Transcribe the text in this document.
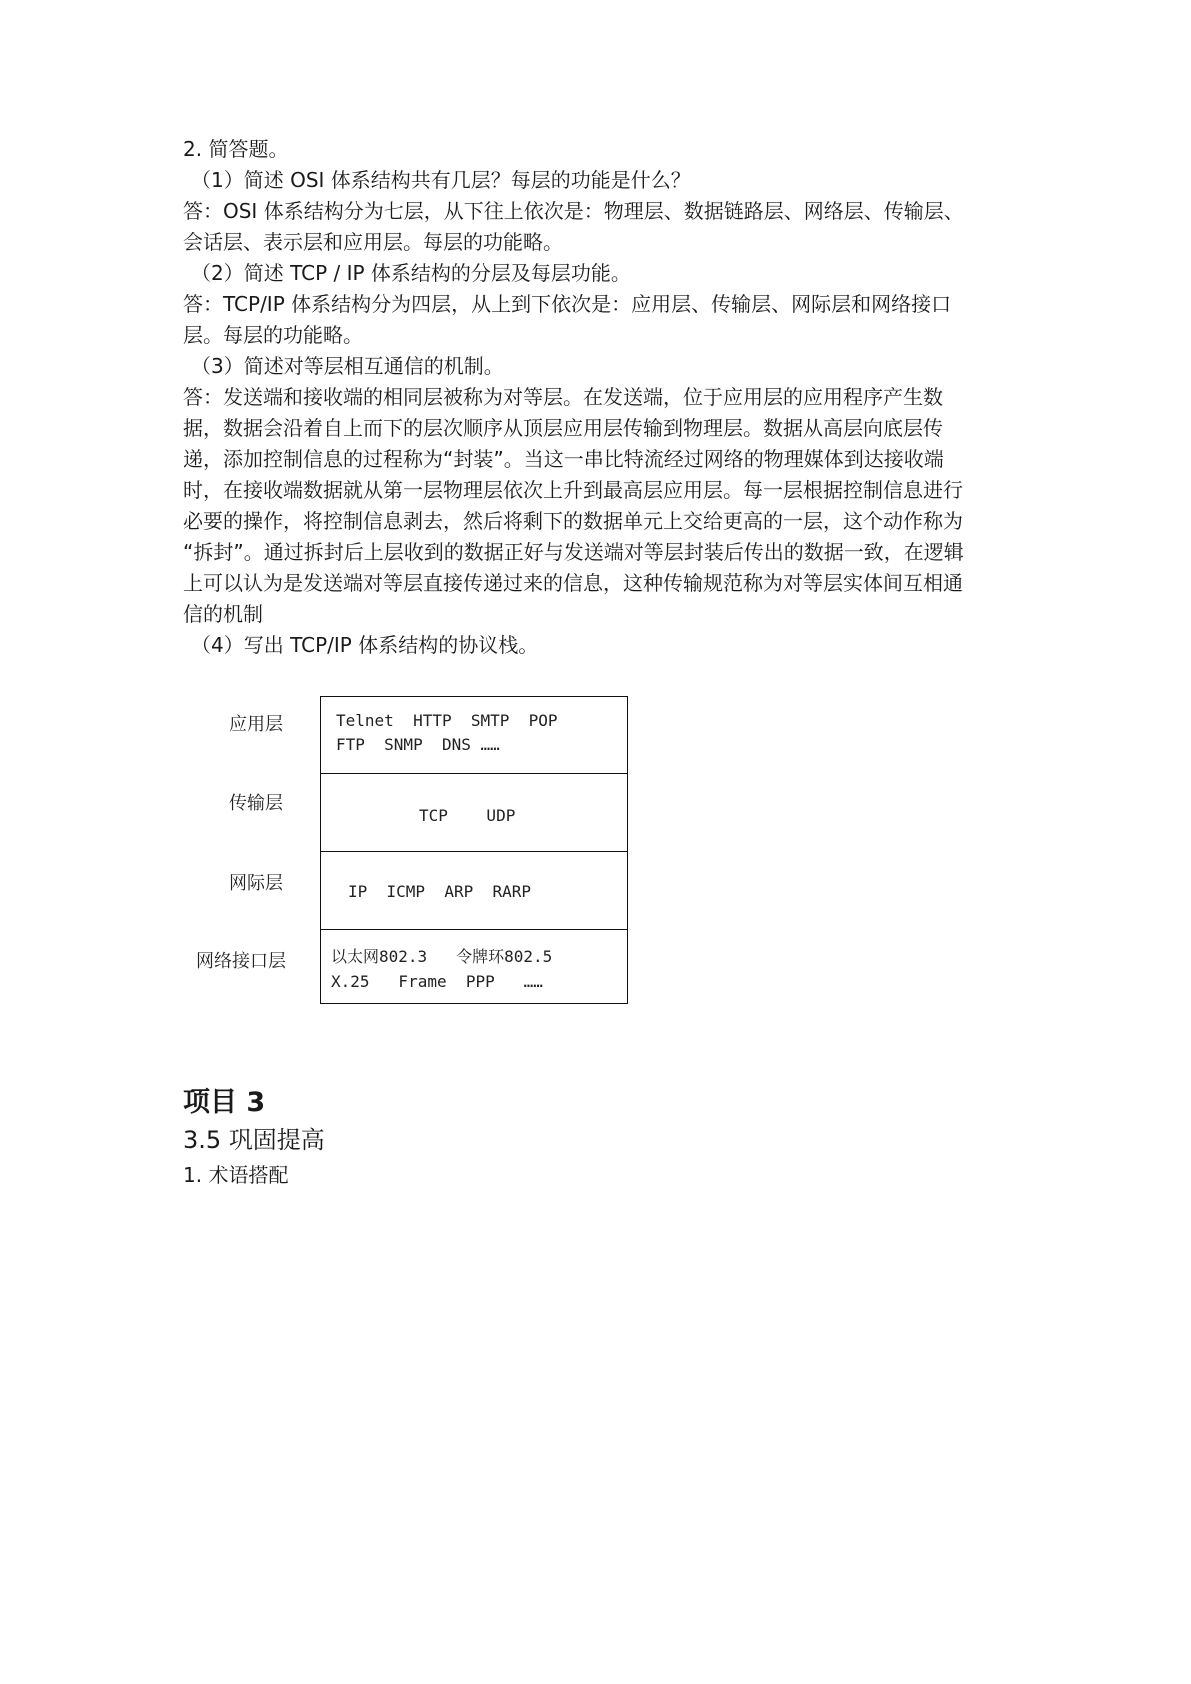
2. 简答题。
（1）简述 OSI 体系结构共有几层？每层的功能是什么？
答：OSI 体系结构分为七层，从下往上依次是：物理层、数据链路层、网络层、传输层、
会话层、表示层和应用层。每层的功能略。
（2）简述 TCP / IP 体系结构的分层及每层功能。
答：TCP/IP 体系结构分为四层，从上到下依次是：应用层、传输层、网际层和网络接口
层。每层的功能略。
（3）简述对等层相互通信的机制。
答：发送端和接收端的相同层被称为对等层。在发送端，位于应用层的应用程序产生数
据，数据会沿着自上而下的层次顺序从顶层应用层传输到物理层。数据从高层向底层传
递，添加控制信息的过程称为“封装”。当这一串比特流经过网络的物理媒体到达接收端
时，在接收端数据就从第一层物理层依次上升到最高层应用层。每一层根据控制信息进行
必要的操作，将控制信息剥去，然后将剩下的数据单元上交给更高的一层，这个动作称为
“拆封”。通过拆封后上层收到的数据正好与发送端对等层封装后传出的数据一致，在逻辑
上可以认为是发送端对等层直接传递过来的信息，这种传输规范称为对等层实体间互相通
信的机制
（4）写出 TCP/IP 体系结构的协议栈。
应用层
传输层
网际层
网络接口层
Telnet  HTTP  SMTP  POP
FTP  SNMP  DNS ……
TCP    UDP
IP  ICMP  ARP  RARP
以太网802.3   令牌环802.5
X.25   Frame  PPP   ……
项目 3
3.5 巩固提高
1. 术语搭配
